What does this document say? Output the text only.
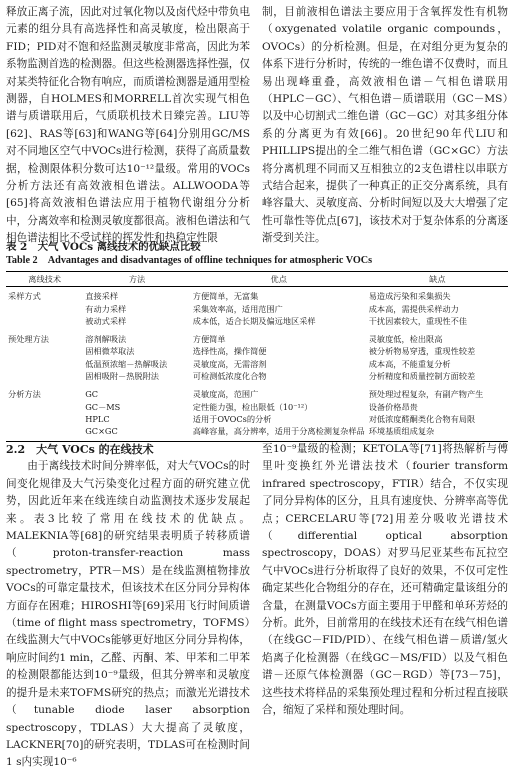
释放正离子流，因此对过氧化物以及卤代烃中带负电元素的组分具有高选择性和高灵敏度，检出限高于FID；PID对不饱和烃监测灵敏度非常高，因此为苯系物监测首选的检测器。但这些检测器选择性强，仅对某类特征化合物有响应，而质谱检测器是通用型检测器，自HOLMES和MORRELL首次实现气相色谱与质谱联用后，气质联机技术日臻完善。LIU等[62]、RAS等[63]和WANG等[64]分别用GC/MS对不同地区空气中VOCs进行检测，获得了高质量数据，检测限体积分数可达10⁻¹²量级。常用的VOCs分析方法还有高效液相色谱法。ALLWOODA等[65]将高效液相色谱法应用于植物代谢组分分析中，分离效率和检测灵敏度都很高。液相色谱法和气相色谱法相比不受试样的挥发性和热稳定性限

制，目前液相色谱法主要应用于含氧挥发性有机物（oxygenated volatile organic compounds，OVOCs）的分析检测。但是，在对组分更为复杂的体系下进行分析时，传统的一维色谱不仅费时，而且易出现峰重叠，高效液相色谱－气相色谱联用（HPLC－GC）、气相色谱－质谱联用（GC－MS）以及中心切割式二维色谱（GC－GC）对其多组分体系的分离更为有效[66]。20世纪90年代LIU和PHILLIPS提出的全二维气相色谱（GC×GC）方法将分离机理不同而又互相独立的2支色谱柱以串联方式结合起来，提供了一种真正的正交分离系统，具有峰容量大、灵敏度高、分析时间短以及大大增强了定性可靠性等优点[67]，该技术对于复杂体系的分离逐渐受到关注。

表 2　大气 VOCs 离线技术的优缺点比较
Table 2　Advantages and disadvantages of offline techniques for atmospheric VOCs
离线技术	方法	优点	缺点
采样方式	直接采样	方便简单，无富集	易造成污染和采集损失
	有动力采样	采集效率高，适用范围广	成本高，需提供采样动力
	被动式采样	成本低，适合长期及偏远地区采样	干扰因素较大，重现性不佳
预处理方法	溶剂解吸法	方便简单	灵敏度低，检出限高
	固相微萃取法	选择性高，操作简便	被分析物易穿透，重现性较差
	低温预浓缩－热解吸法	灵敏度高，无需溶剂	成本高，不能重复分析
	固相吸附－热脱附法	可检测低浓度化合物	分析精度和质量控制方面较差
分析方法	GC	灵敏度高，范围广	预处理过程复杂，有副产物产生
	GC－MS	定性能力强，检出限低（10⁻¹²）	设备价格昂贵
	HPLC	适用于OVOCs的分析	对低浓度醛酮类化合物有局限
	GC×GC	高峰容量，高分辨率，适用于分离检测复杂样品	环境基质组成复杂
2.2　大气 VOCs 的在线技术

由于离线技术时间分辨率低，对大气VOCs的时间变化规律及大气污染变化过程方面的研究建立优势，因此近年来在线连续自动监测技术逐步发展起来。表3比较了常用在线技术的优缺点。MALEKNIA等[68]的研究结果表明质子转移质谱（proton-transfer-reaction mass spectrometry，PTR－MS）是在线监测植物排放VOCs的可靠定量技术，但该技术在区分同分异构体方面存在困难；HIROSHI等[69]采用飞行时间质谱（time of flight mass spectrometry，TOFMS）在线监测大气中VOCs能够更好地区分同分异构体，响应时间约1 min，乙醛、丙酮、苯、甲苯和二甲苯的检测限都能达到10⁻⁹量级，但其分辨率和灵敏度的提升是未来TOFMS研究的热点；而激光光谱技术（tunable diode laser absorption spectroscopy，TDLAS）大大提高了灵敏度，LACKNER[70]的研究表明，TDLAS可在检测时间1 s内实现10⁻⁶

至10⁻⁹量级的检测；KETOLA等[71]将热解析与傅里叶变换红外光谱法技术（fourier transform infrared spectroscopy，FTIR）结合，不仅实现了同分异构体的区分，且具有速度快、分辨率高等优点；CERCELARU等[72]用差分吸收光谱技术（differential optical absorption spectroscopy，DOAS）对罗马尼亚某些布瓦拉空气中VOCs进行分析取得了良好的效果，不仅可定性确定某些化合物组分的存在，还可精确定量该组分的含量，在测量VOCs方面主要用于甲醛和单环芳烃的分析。此外，目前常用的在线技术还有在线气相色谱（在线GC－FID/PID）、在线气相色谱－质谱/氢火焰离子化检测器（在线GC－MS/FID）以及气相色谱－还原气体检测器（GC－RGD）等[73－75]，这些技术将样品的采集预处理过程和分析过程直接联合，缩短了采样和预处理时间。
